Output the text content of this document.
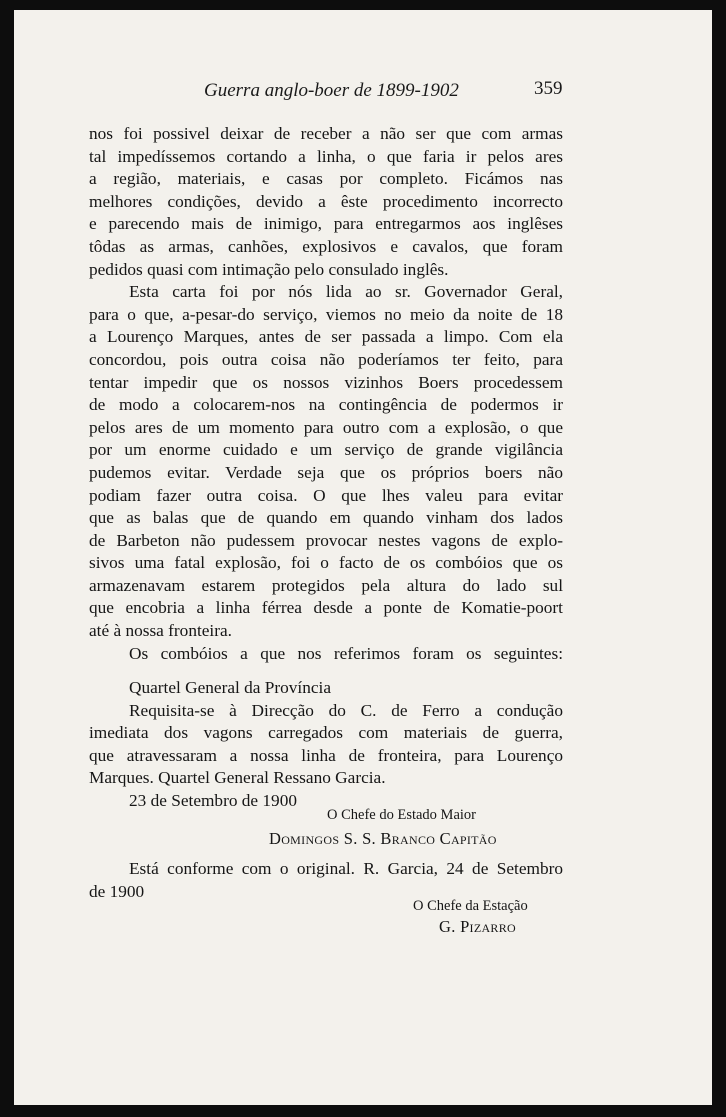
Guerra anglo-boer de 1899-1902	359
nos foi possivel deixar de receber a não ser que com armas
tal impedíssemos cortando a linha, o que faria ir pelos ares
a região, materiais, e casas por completo. Ficámos nas
melhores condições, devido a êste procedimento incorrecto
e parecendo mais de inimigo, para entregarmos aos inglêses
tôdas as armas, canhões, explosivos e cavalos, que foram
pedidos quasi com intimação pelo consulado inglês.
Esta carta foi por nós lida ao sr. Governador Geral,
para o que, a-pesar-do serviço, viemos no meio da noite de 18
a Lourenço Marques, antes de ser passada a limpo. Com ela
concordou, pois outra coisa não poderíamos ter feito, para
tentar impedir que os nossos vizinhos Boers procedessem
de modo a colocarem-nos na contingência de podermos ir
pelos ares de um momento para outro com a explosão, o que
por um enorme cuidado e um serviço de grande vigilância
pudemos evitar. Verdade seja que os próprios boers não
podiam fazer outra coisa. O que lhes valeu para evitar
que as balas que de quando em quando vinham dos lados
de Barbeton não pudessem provocar nestes vagons de explo-
sivos uma fatal explosão, foi o facto de os combóios que os
armazenavam estarem protegidos pela altura do lado sul
que encobria a linha férrea desde a ponte de Komatie-poort
até à nossa fronteira.
Os combóios a que nos referimos foram os seguintes:
Quartel General da Província
Requisita-se à Direcção do C. de Ferro a condução
imediata dos vagons carregados com materiais de guerra,
que atravessaram a nossa linha de fronteira, para Lourenço
Marques. Quartel General Ressano Garcia.
23 de Setembro de 1900
O Chefe do Estado Maior
Domingos S. S. Branco Capitão
Está conforme com o original. R. Garcia, 24 de Setembro
de 1900
O Chefe da Estação
G. Pizarro
